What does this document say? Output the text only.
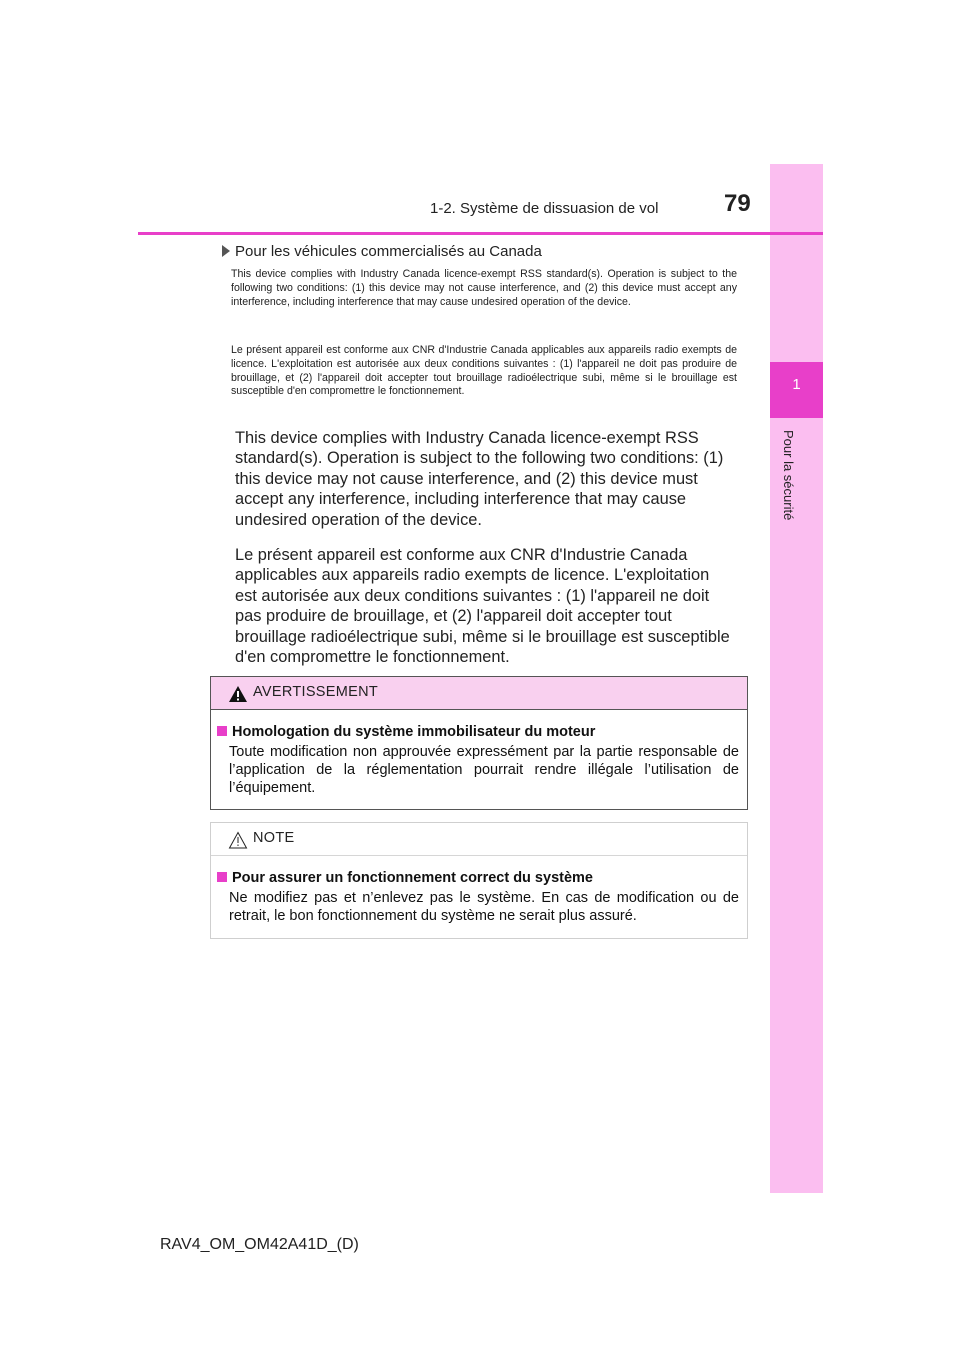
1
Pour la sécurité
1-2. Système de dissuasion de vol	79
Pour les véhicules commercialisés au Canada

This device complies with Industry Canada licence-exempt RSS standard(s). Operation is subject to the following two conditions: (1) this device may not cause interference, and (2) this device must accept any interference, including interference that may cause undesired operation of the device.

Le présent appareil est conforme aux CNR d'Industrie Canada applicables aux appareils radio exempts de licence. L'exploitation est autorisée aux deux conditions suivantes : (1) l'appareil ne doit pas produire de brouillage, et (2) l'appareil doit accepter tout brouillage radioélectrique subi, même si le brouillage est susceptible d'en compromettre le fonctionnement.

This device complies with Industry Canada licence-exempt RSS standard(s). Operation is subject to the following two conditions: (1) this device may not cause interference, and (2) this device must accept any interference, including interference that may cause undesired operation of the device.

Le présent appareil est conforme aux CNR d'Industrie Canada applicables aux appareils radio exempts de licence. L'exploitation est autorisée aux deux conditions suivantes : (1) l'appareil ne doit pas produire de brouillage, et (2) l'appareil doit accepter tout brouillage radioélectrique subi, même si le brouillage est susceptible d'en compromettre le fonctionnement.

AVERTISSEMENT
Homologation du système immobilisateur du moteur
Toute modification non approuvée expressément par la partie responsable de l’application de la réglementation pourrait rendre illégale l’utilisation de l’équipement.
NOTE
Pour assurer un fonctionnement correct du système
Ne modifiez pas et n’enlevez pas le système. En cas de modification ou de retrait, le bon fonctionnement du système ne serait plus assuré.
RAV4_OM_OM42A41D_(D)
